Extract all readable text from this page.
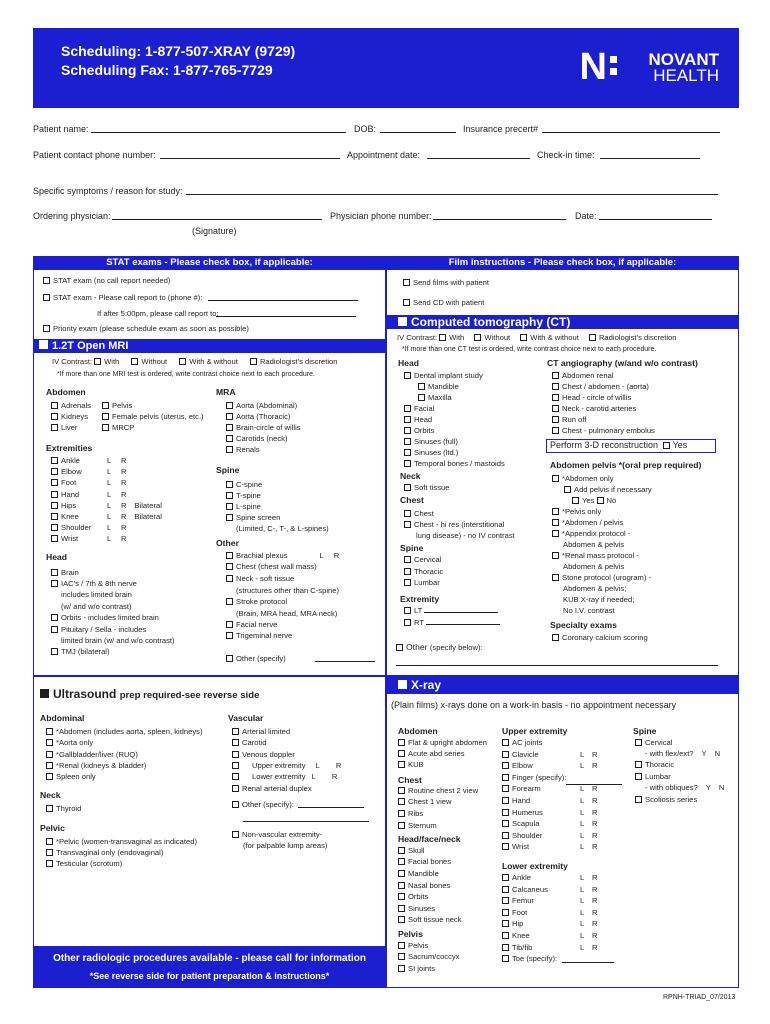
Scheduling: 1-877-507-XRAY (9729)
Scheduling Fax: 1-877-765-7729	N NOVANT
HEALTH
Patient name:	DOB:	Insurance precert#
Patient contact phone number:	Appointment date:	Check-in time:
Specific symptoms / reason for study:
Ordering physician:	Physician phone number:	Date:
(Signature)
STAT exams - Please check box, if applicable:
STAT exam (no call report needed)
STAT exam - Please call report to (phone #):
If after 5:00pm, please call report to:
Priority exam (please schedule exam as soon as possible)
Film instructions - Please check box, if applicable:
Send films with patient
Send CD with patient
1.2T Open MRI
IV Contrast: With	Without	With & without	Radiologist’s discretion
*If more than one MRI test is ordered, write contrast choice next to each procedure.
Abdomen
Adrenals
Kidneys
Liver
Pelvis
Female pelvis (uterus, etc.)
MRCP
MRA
Aorta (Abdominal)
Aorta (Thoracic)
Brain-circle of willis
Carotids (neck)
Renals
Extremities
Ankle	L R
Elbow	L R
Foot	L R
Hand	L R
Hips	L R Bilateral
Knee	L R Bilateral
Shoulder L R
Wrist	L R
Spine
C-spine
T-spine
L-spine
Spine screen
(Limited, C-, T-, & L-spines)
Other
Brachial plexus	L R
Chest (chest wall mass)
Neck - soft tissue
(structures other than C-spine)
Stroke protocol
(Brain, MRA head, MRA neck)
Facial nerve
Trigeminal nerve
Other (specify)
Head
Brain
IAC’s / 7th & 8th nerve
includes limited brain
(w/ and w/o contrast)
Orbits - includes limited brain
Pituitary / Sella - includes
limited brain (w/ and w/o contrast)
TMJ (bilateral)
Computed tomography (CT)
IV Contrast: With	Without	With & without	Radiologist’s discretion
*If more than one CT test is ordered, write contrast choice next to each procedure.
Head
Dental implant study
Mandible
Maxilla
Facial
Head
Orbits
Sinuses (full)
Sinuses (ltd.)
Temporal bones / mastoids
Neck
Soft tissue
Chest
Chest
Chest - hi res (interstitional
lung disease) - no IV contrast
Spine
Cervical
Thoracic
Lumbar
Extremity
LT
RT
Other (specify below):
CT angiography (w/and w/o contrast)
Abdomen renal
Chest / abdomen - (aorta)
Head - circle of willis
Neck - carotid arteries
Run off
Chest - pulmonary embolus
Perform 3-D reconstruction Yes
Abdomen pelvis *(oral prep required)
*Abdomen only
Add pelvis if necessary
Yes No
*Pelvis only
*Abdomen / pelvis
*Appendix protocol -
Abdomen & pelvis
*Renal mass protocol -
Abdomen & pelvis
Stone protocol (urogram) -
Abdomen & pelvis;
KUB X-ray if needed;
No I.V. contrast
Specialty exams
Coronary calcium scoring
Ultrasound prep required-see reverse side
Abdominal
*Abdomen (includes aorta, spleen, kidneys)
*Aorta only
*Gallbladder/liver (RUQ)
*Renal (kidneys & bladder)
Spleen only
Neck
Thyroid
Pelvic
*Pelvic (women-transvaginal as indicated)
Transvaginal only (endovaginal)
Testicular (scrotum)
Vascular
Arterial limited
Carotid
Venous doppler
Upper extremity L R
Lower extremity L R
Renal arterial duplex
Other (specify):
Non-vascular extremity-
(for palpable lump areas)
X-ray
(Plain films) x-rays done on a work-in basis - no appointment necessary
Abdomen
Flat & upright abdomen
Acute abd series
KUB
Chest
Routine chest 2 view
Chest 1 view
Ribs
Sternum
Head/face/neck
Skull
Facial bones
Mandible
Nasal bones
Orbits
Sinuses
Soft tissue neck
Pelvis
Pelvis
Sacrum/coccyx
SI joints
Upper extremity
AC joints
Clavicle	L R
Elbow	L R
Finger (specify):
Forearm	L R
Hand	L R
Humerus	L R
Scapula	L R
Shoulder	L R
Wrist	L R
Lower extremity
Ankle	L R
Calcaneus	L R
Femur	L R
Foot	L R
Hip	L R
Knee	L R
Tib/fib	L R
Toe (specify):
Spine
Cervical
- with flex/ext? Y N
Thoracic
Lumbar
- with obliques? Y N
Scoliosis series
Other radiologic procedures available - please call for information
*See reverse side for patient preparation & instructions*
RPNH-TRIAD_07/2013
